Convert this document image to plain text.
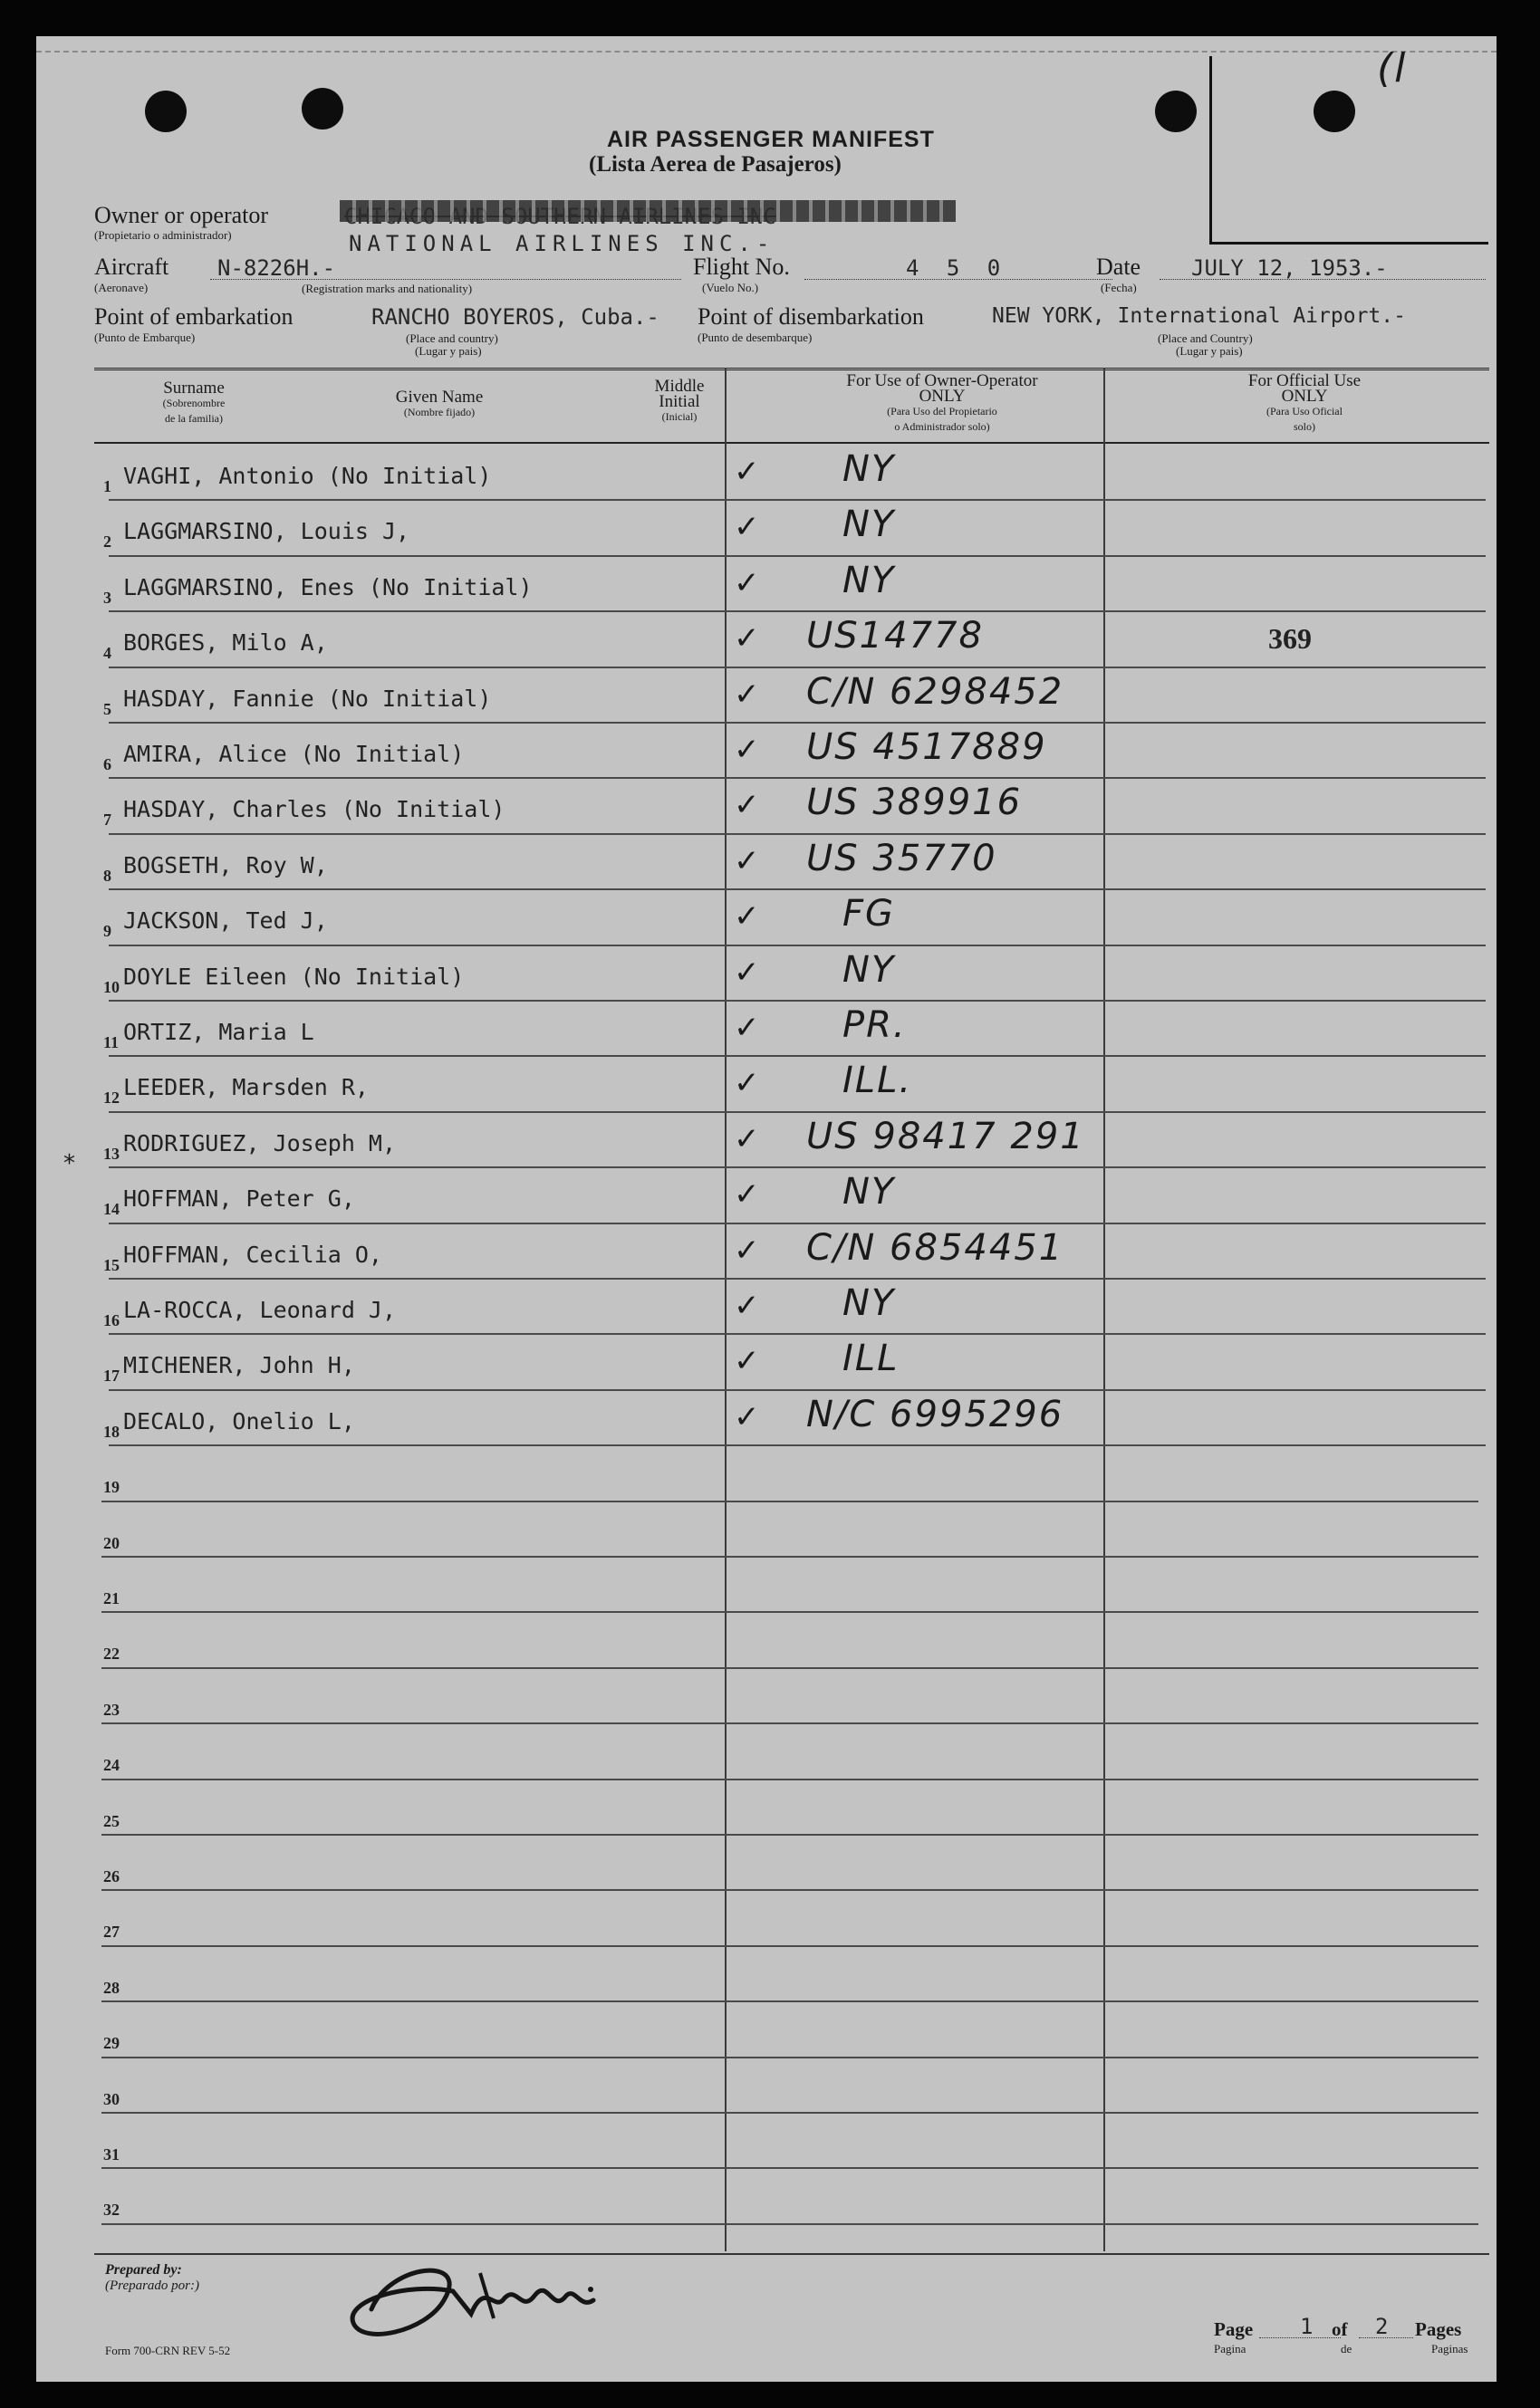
(l
AIR PASSENGER MANIFEST
(Lista Aerea de Pasajeros)
Owner or operator
(Propietario o administrador)	NATIONAL AIRLINES INC.-
Aircraft
(Aeronave)
N-8226H.-
(Registration marks and nationality)
Flight No.
(Vuelo No.)
4 5 0	Date
(Fecha)
JULY 12, 1953.-
Point of embarkation
(Punto de Embarque)
RANCHO BOYEROS, Cuba.-
(Place and country)
(Lugar y pais)
Point of disembarkation
(Punto de desembarque)
NEW YORK, International Airport.-
(Place and Country)
(Lugar y pais)
Surname
(Sobrenombre
de la familia)
Given Name
(Nombre fijado)
Middle
Initial
(Inicial)
For Use of Owner-Operator
ONLY
(Para Uso del Propietario
o Administrador solo)
For Official Use
ONLY
(Para Uso Oficial
solo)
1 VAGHI, Antonio (No Initial)	✓ NY
2 LAGGMARSINO, Louis J,	✓ NY
3 LAGGMARSINO, Enes (No Initial)	✓ NY
4 BORGES, Milo A,	✓ US14778	369
5 HASDAY, Fannie (No Initial)	✓ C/N 6298452
6 AMIRA, Alice (No Initial)	✓ US 4517889
7 HASDAY, Charles (No Initial)	✓ US 389916
8 BOGSETH, Roy W,	✓ US 35770
9 JACKSON, Ted J,	✓ FG
10 DOYLE Eileen (No Initial)	✓ NY
11 ORTIZ, Maria L	✓ PR.
12 LEEDER, Marsden R,	✓ ILL.
13 RODRIGUEZ, Joseph M,	✓ US 98417 291
14 HOFFMAN, Peter G,	✓ NY
15 HOFFMAN, Cecilia O,	✓ C/N 6854451
16 LA-ROCCA, Leonard J,	✓ NY
17 MICHENER, John H,	✓ ILL
18 DECALO, Onelio L,	✓ N/C 6995296
19
20
21
22
23
24
25
26
27
28
29
30
31
32
*
Prepared by:
(Preparado por:)
Form 700-CRN REV 5-52
Page 1 of 2 Pages
Pagina	de	Paginas
